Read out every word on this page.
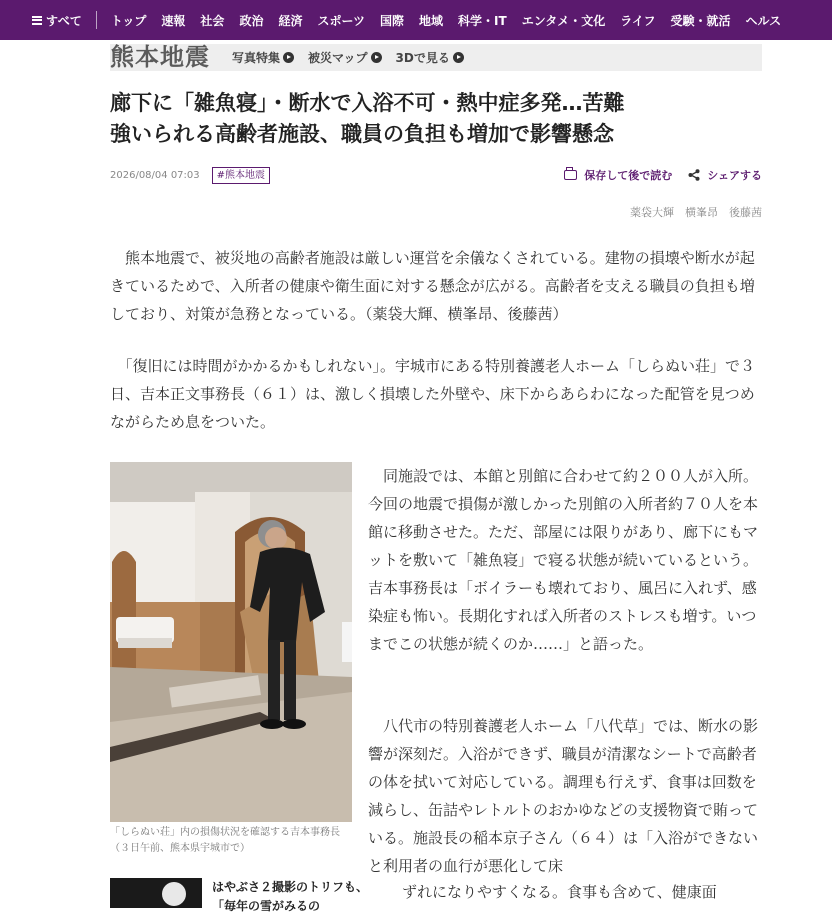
すべて トップ 速報 社会 政治 経済 スポーツ 国際 地域 科学・IT エンタメ・文化 ライフ 受験・就活 ヘルス
熊本地震 写真特集 被災マップ 3Dで見る
廊下に「雑魚寝」・断水で入浴不可・熱中症多発…苦難
強いられる高齢者施設、職員の負担も増加で影響懸念
2026/08/04 07:03	#熊本地震	保存して後で読む	シェアする
薬袋大輝　横峯昂　後藤茜

　熊本地震で、被災地の高齢者施設は厳しい運営を余儀なくされている。建物の損壊や断水が起きているためで、入所者の健康や衛生面に対する懸念が広がる。高齢者を支える職員の負担も増しており、対策が急務となっている。（薬袋大輝、横峯昂、後藤茜）

　「復旧には時間がかかるかもしれない」。宇城市にある特別養護老人ホーム「しらぬい荘」で３日、吉本正文事務長（６１）は、激しく損壊した外壁や、床下からあらわになった配管を見つめながらため息をついた。

「しらぬい荘」内の損傷状況を確認する吉本事務長（３日午前、熊本県宇城市で）

　同施設では、本館と別館に合わせて約２００人が入所。今回の地震で損傷が激しかった別館の入所者約７０人を本館に移動させた。ただ、部屋には限りがあり、廊下にもマットを敷いて「雑魚寝」で寝る状態が続いているという。吉本事務長は「ボイラーも壊れており、風呂に入れず、感染症も怖い。長期化すれば入所者のストレスも増す。いつまでこの状態が続くのか……」と語った。

　八代市の特別養護老人ホーム「八代草」では、断水の影響が深刻だ。入浴ができず、職員が清潔なシートで高齢者の体を拭いて対応している。調理も行えず、食事は回数を減らし、缶詰やレトルトのおかゆなどの支援物資で賄っている。施設長の稲本京子さん（６４）は「入浴ができないと利用者の血行が悪化して床

ずれになりやすくなる。食事も含めて、健康面

はやぶさ２撮影のトリフも、「毎年の雪がみるの
